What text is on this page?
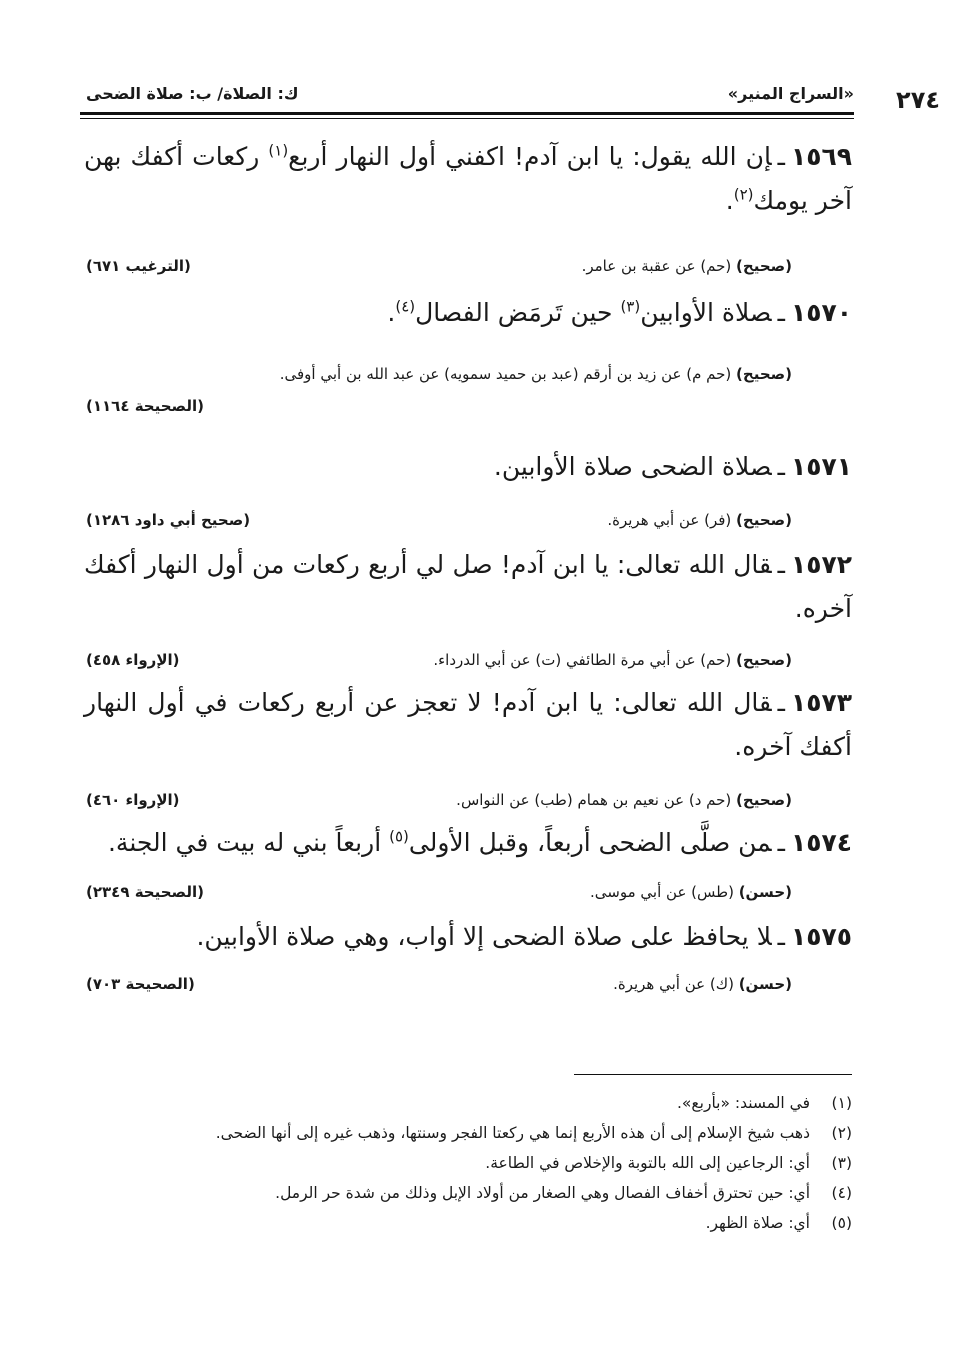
٢٧٤
«السراج المنير»
ك: الصلاة/ ب: صلاة الضحى

١٥٦٩ـإن الله يقول: يا ابن آدم! اكفني أول النهار أربع$^{(١)}$ ركعات أكفك بهن آخر يومك$^{(٢)}$.

(صحيح) (حم) عن عقبة بن عامر.
(الترغيب ٦٧١)

١٥٧٠ـصلاة الأوابين$^{(٣)}$ حين تَرمَض الفصال$^{(٤)}$.

(صحيح) (حم م) عن زيد بن أرقم (عبد بن حميد سمويه) عن عبد الله بن أبي أوفى.
(الصحيحة ١١٦٤)

١٥٧١ـصلاة الضحى صلاة الأوابين.

(صحيح) (فر) عن أبي هريرة.
(صحيح أبي داود ١٢٨٦)

١٥٧٢ـقال الله تعالى: يا ابن آدم! صل لي أربع ركعات من أول النهار أكفك آخره.

(صحيح) (حم) عن أبي مرة الطائفي (ت) عن أبي الدرداء.
(الإرواء ٤٥٨)

١٥٧٣ـقال الله تعالى: يا ابن آدم! لا تعجز عن أربع ركعات في أول النهار أكفك آخره.

(صحيح) (حم د) عن نعيم بن همام (طب) عن النواس.
(الإرواء ٤٦٠)

١٥٧٤ـمن صلَّى الضحى أربعاً، وقبل الأولى$^{(٥)}$ أربعاً بني له بيت في الجنة.

(حسن) (طس) عن أبي موسى.
(الصحيحة ٢٣٤٩)

١٥٧٥ـلا يحافظ على صلاة الضحى إلا أواب، وهي صلاة الأوابين.

(حسن) (ك) عن أبي هريرة.
(الصحيحة ٧٠٣)
(١)
في المسند: «بأربع».
(٢)
ذهب شيخ الإسلام إلى أن هذه الأربع إنما هي ركعتا الفجر وسنتها، وذهب غيره إلى أنها الضحى.
(٣)
أي: الرجاعين إلى الله بالتوبة والإخلاص في الطاعة.
(٤)
أي: حين تحترق أخفاف الفصال وهي الصغار من أولاد الإبل وذلك من شدة حر الرمل.
(٥)
أي: صلاة الظهر.
